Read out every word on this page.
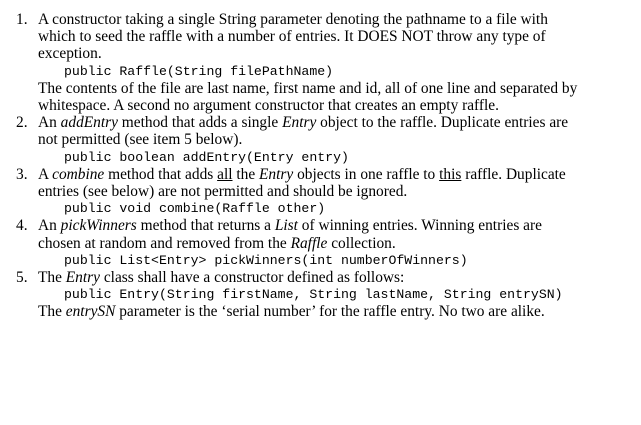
1. A constructor taking a single String parameter denoting the pathname to a file with which to seed the raffle with a number of entries. It DOES NOT throw any type of exception.

public Raffle(String filePathName)

The contents of the file are last name, first name and id, all of one line and separated by whitespace. A second no argument constructor that creates an empty raffle.

2. An addEntry method that adds a single Entry object to the raffle. Duplicate entries are not permitted (see item 5 below).

public boolean addEntry(Entry entry)
3. A combine method that adds all the Entry objects in one raffle to this raffle. Duplicate entries (see below) are not permitted and should be ignored.

public void combine(Raffle other)
4. An pickWinners method that returns a List of winning entries. Winning entries are chosen at random and removed from the Raffle collection.

public List<Entry> pickWinners(int numberOfWinners)
5. The Entry class shall have a constructor defined as follows:

public Entry(String firstName, String lastName, String entrySN)

The entrySN parameter is the ‘serial number’ for the raffle entry. No two are alike.
